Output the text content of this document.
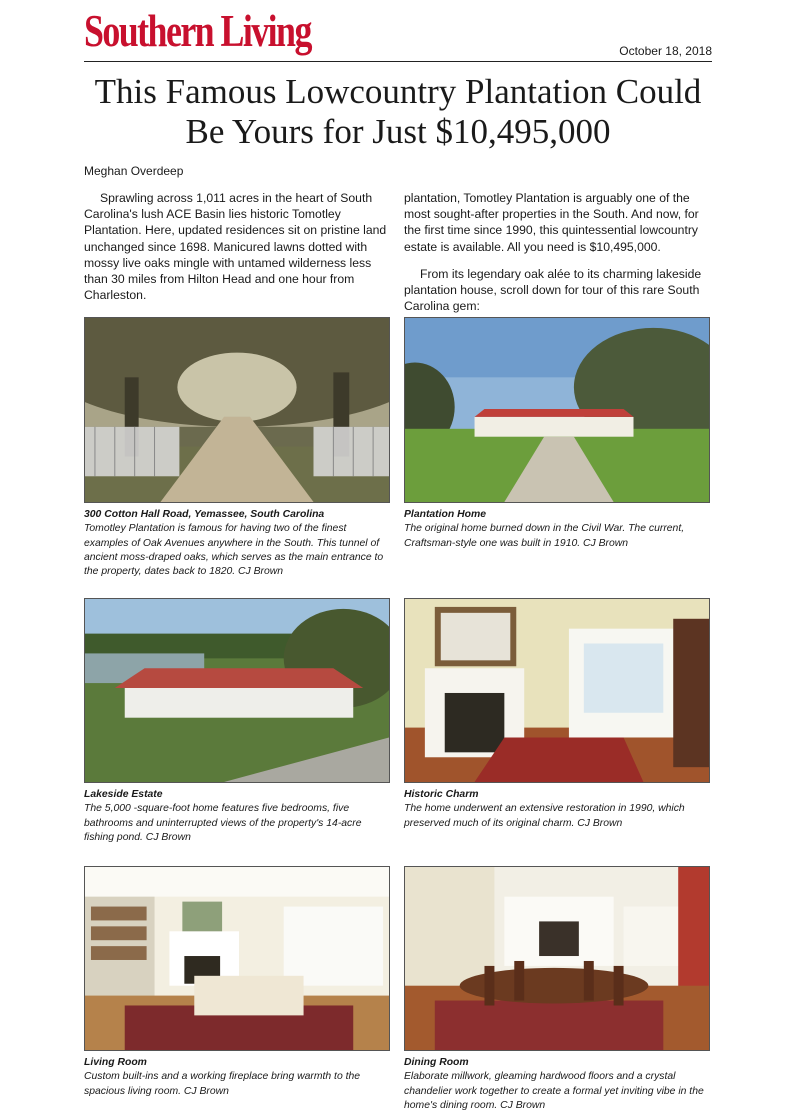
Southern Living	October 18, 2018
This Famous Lowcountry Plantation Could Be Yours for Just $10,495,000
Meghan Overdeep

Sprawling across 1,011 acres in the heart of South Carolina's lush ACE Basin lies historic Tomotley Plantation. Here, updated residences sit on pristine land unchanged since 1698. Manicured lawns dotted with mossy live oaks mingle with untamed wilderness less than 30 miles from Hilton Head and one hour from Charleston.

plantation, Tomotley Plantation is arguably one of the most sought-after properties in the South. And now, for the first time since 1990, this quintessential lowcountry estate is available. All you need is $10,495,000.

From its legendary oak alée to its charming lakeside plantation house, scroll down for tour of this rare South Carolina gem:

300 Cotton Hall Road, Yemassee, South Carolina
Tomotley Plantation is famous for having two of the finest examples of Oak Avenues anywhere in the South. This tunnel of ancient moss-draped oaks, which serves as the main entrance to the property, dates back to 1820. CJ Brown
Plantation Home
The original home burned down in the Civil War. The current, Craftsman-style one was built in 1910. CJ Brown
Lakeside Estate
The 5,000 -square-foot home features five bedrooms, five bathrooms and uninterrupted views of the property's 14-acre fishing pond. CJ Brown
Historic Charm
The home underwent an extensive restoration in 1990, which preserved much of its original charm. CJ Brown
Living Room
Custom built-ins and a working fireplace bring warmth to the spacious living room. CJ Brown
Dining Room
Elaborate millwork, gleaming hardwood floors and a crystal chandelier work together to create a formal yet inviting vibe in the home's dining room. CJ Brown
